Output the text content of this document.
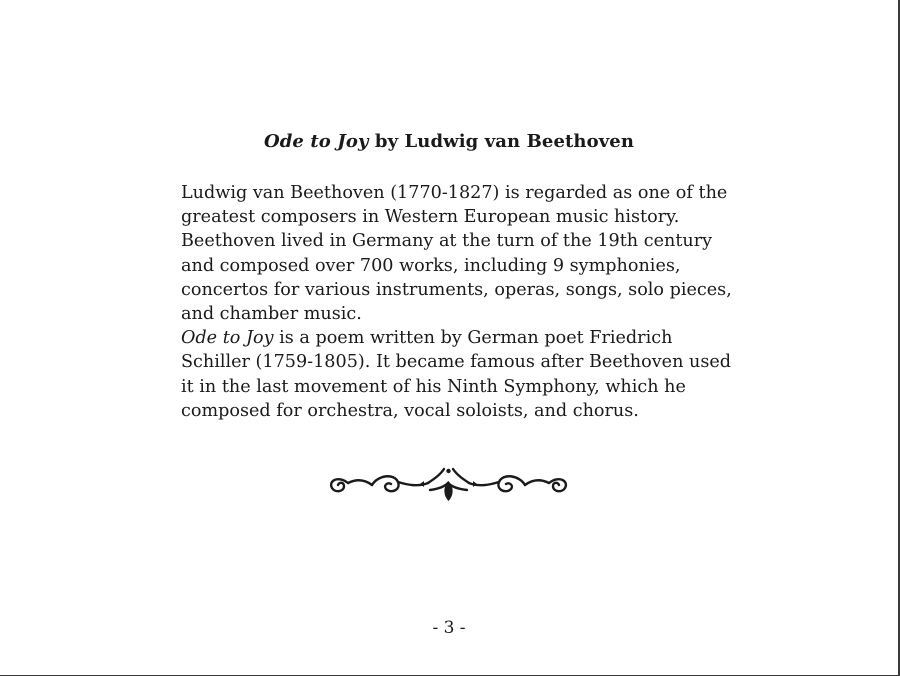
Ode to Joy by Ludwig van Beethoven

Ludwig van Beethoven (1770-1827) is regarded as one of the greatest composers in Western European music history. Beethoven lived in Germany at the turn of the 19th century and composed over 700 works, including 9 symphonies, concertos for various instruments, operas, songs, solo pieces, and chamber music.

Ode to Joy is a poem written by German poet Friedrich Schiller (1759-1805). It became famous after Beethoven used it in the last movement of his Ninth Symphony, which he composed for orchestra, vocal soloists, and chorus.

- 3 -
